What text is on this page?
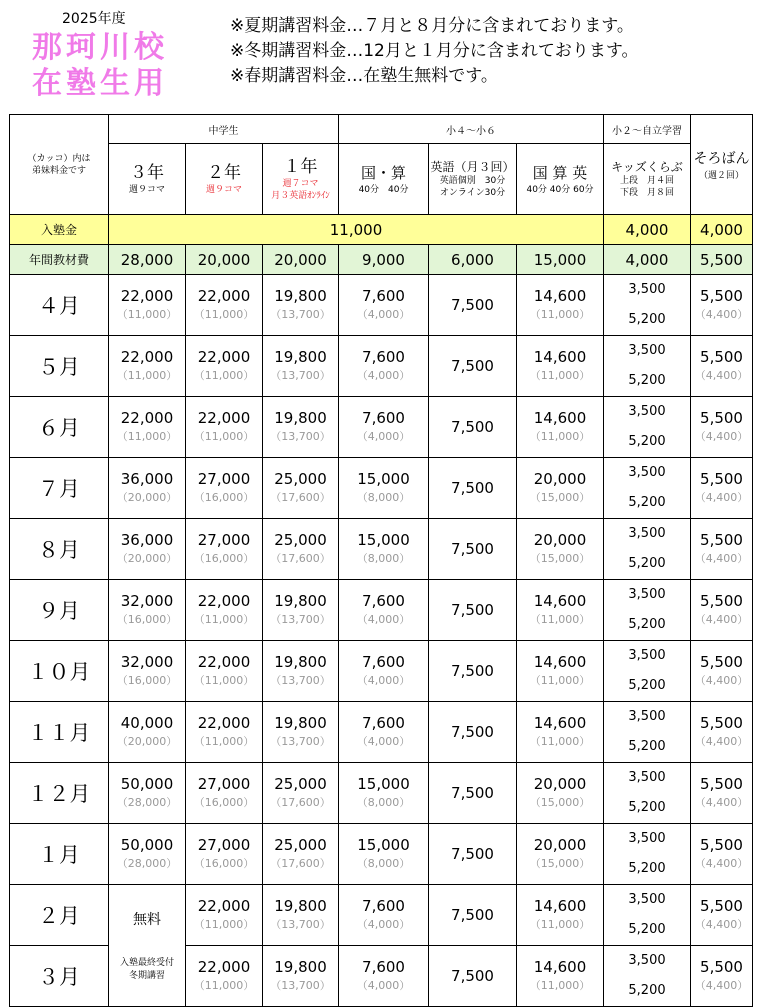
2025年度
那珂川校
在塾生用
※夏期講習料金…７月と８月分に含まれております。
※冬期講習料金…12月と１月分に含まれております。
※春期講習料金…在塾生無料です。
（カッコ）内は
弟妹料金です	中学生			小４～小６			小２～自立学習	そろばん
（週２回）

	３年
週９コマ	２年
週９コマ	１年
週７コマ
月３英語ｵﾝﾗｲﾝ	国・算
40分　40分	英語（月３回）
英語個別　30分
オンライン30分	国 算 英
40分 40分 60分	キッズくらぶ
上段　月４回
下段　月８回	

入塾金	11,000						4,000	4,000
年間教材費	28,000	20,000	20,000	9,000	6,000	15,000	4,000	5,500
４月	22,000
（11,000）	22,000
（11,000）	19,800
（13,700）	7,600
（4,000）	7,500	14,600
（11,000）	3,500
5,200	5,500
（4,400）

５月	22,000
（11,000）	22,000
（11,000）	19,800
（13,700）	7,600
（4,000）	7,500	14,600
（11,000）	3,500
5,200	5,500
（4,400）

６月	22,000
（11,000）	22,000
（11,000）	19,800
（13,700）	7,600
（4,000）	7,500	14,600
（11,000）	3,500
5,200	5,500
（4,400）

７月	36,000
（20,000）	27,000
（16,000）	25,000
（17,600）	15,000
（8,000）	7,500	20,000
（15,000）	3,500
5,200	5,500
（4,400）

８月	36,000
（20,000）	27,000
（16,000）	25,000
（17,600）	15,000
（8,000）	7,500	20,000
（15,000）	3,500
5,200	5,500
（4,400）

９月	32,000
（16,000）	22,000
（11,000）	19,800
（13,700）	7,600
（4,000）	7,500	14,600
（11,000）	3,500
5,200	5,500
（4,400）

１０月	32,000
（16,000）	22,000
（11,000）	19,800
（13,700）	7,600
（4,000）	7,500	14,600
（11,000）	3,500
5,200	5,500
（4,400）

１１月	40,000
（20,000）	22,000
（11,000）	19,800
（13,700）	7,600
（4,000）	7,500	14,600
（11,000）	3,500
5,200	5,500
（4,400）

１２月	50,000
（28,000）	27,000
（16,000）	25,000
（17,600）	15,000
（8,000）	7,500	20,000
（15,000）	3,500
5,200	5,500
（4,400）

１月	50,000
（28,000）	27,000
（16,000）	25,000
（17,600）	15,000
（8,000）	7,500	20,000
（15,000）	3,500
5,200	5,500
（4,400）

２月	無料
入塾最終受付
冬期講習	22,000
（11,000）	19,800
（13,700）	7,600
（4,000）	7,500	14,600
（11,000）	3,500
5,200	5,500
（4,400）

３月		22,000
（11,000）	19,800
（13,700）	7,600
（4,000）	7,500	14,600
（11,000）	3,500
5,200	5,500
（4,400）
